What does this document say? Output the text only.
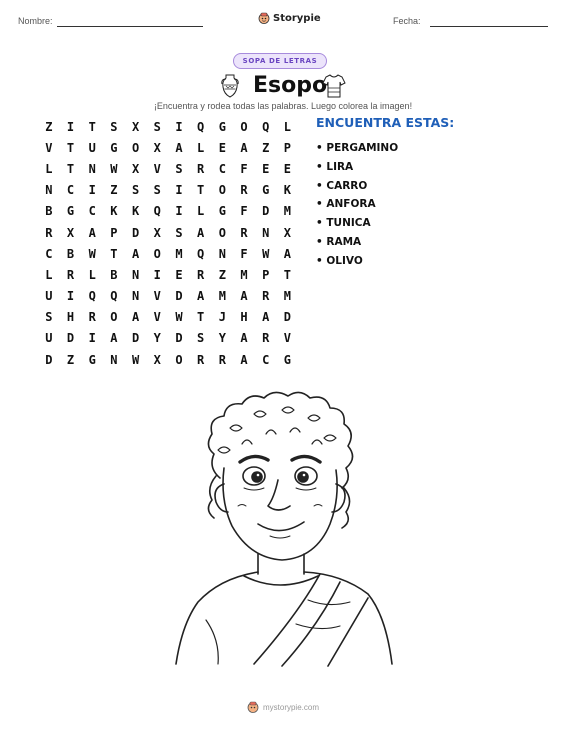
Nombre:	Storypie	Fecha:
SOPA DE LETRAS
Esopo
¡Encuentra y rodea todas las palabras. Luego colorea la imagen!
Z	I	T	S	X	S	I	Q	G	O	Q	L
V	T	U	G	O	X	A	L	E	A	Z	P
L	T	N	W	X	V	S	R	C	F	E	E
N	C	I	Z	S	S	I	T	O	R	G	K
B	G	C	K	K	Q	I	L	G	F	D	M
R	X	A	P	D	X	S	A	O	R	N	X
C	B	W	T	A	O	M	Q	N	F	W	A
L	R	L	B	N	I	E	R	Z	M	P	T
U	I	Q	Q	N	V	D	A	M	A	R	M
S	H	R	O	A	V	W	T	J	H	A	D
U	D	I	A	D	Y	D	S	Y	A	R	V
D	Z	G	N	W	X	O	R	R	A	C	G
ENCUENTRA ESTAS:
• PERGAMINO
• LIRA
• CARRO
• ANFORA
• TUNICA
• RAMA
• OLIVO
mystorypie.com
